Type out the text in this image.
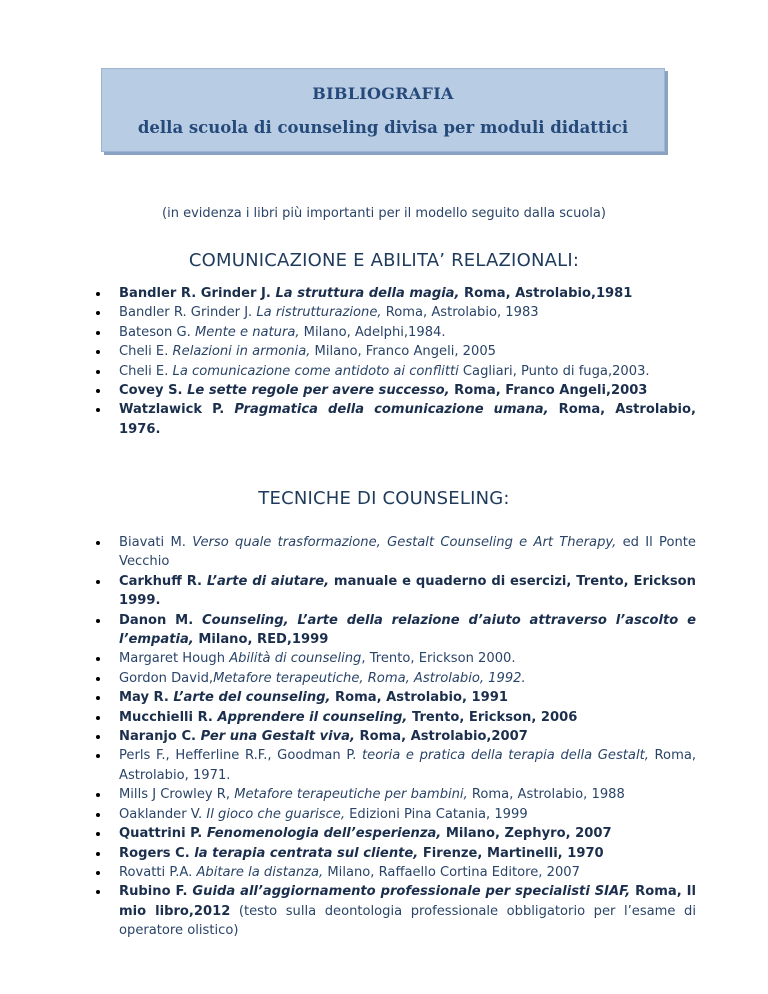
BIBLIOGRAFIA
della scuola di counseling divisa per moduli didattici
(in evidenza i libri più importanti per il modello seguito dalla scuola)
COMUNICAZIONE E ABILITA’ RELAZIONALI:
Bandler R. Grinder J. La struttura della magia, Roma, Astrolabio,1981
Bandler R. Grinder J. La ristrutturazione, Roma, Astrolabio, 1983
Bateson G. Mente e natura, Milano, Adelphi,1984.
Cheli E. Relazioni in armonia, Milano, Franco Angeli, 2005
Cheli E. La comunicazione come antidoto ai conflitti Cagliari, Punto di fuga,2003.
Covey S. Le sette regole per avere successo, Roma, Franco Angeli,2003
Watzlawick P. Pragmatica della comunicazione umana, Roma, Astrolabio, 1976.
TECNICHE DI COUNSELING:
Biavati M. Verso quale trasformazione, Gestalt Counseling e Art Therapy, ed Il Ponte Vecchio
Carkhuff R. L’arte di aiutare, manuale e quaderno di esercizi, Trento, Erickson 1999.
Danon M. Counseling, L’arte della relazione d’aiuto attraverso l’ascolto e l’empatia, Milano, RED,1999
Margaret Hough Abilità di counseling, Trento, Erickson 2000.
Gordon David,Metafore terapeutiche, Roma, Astrolabio, 1992.
May R. L’arte del counseling, Roma, Astrolabio, 1991
Mucchielli R. Apprendere il counseling, Trento, Erickson, 2006
Naranjo C. Per una Gestalt viva, Roma, Astrolabio,2007
Perls F., Hefferline R.F., Goodman P. teoria e pratica della terapia della Gestalt, Roma, Astrolabio, 1971.
Mills J Crowley R, Metafore terapeutiche per bambini, Roma, Astrolabio, 1988
Oaklander V. Il gioco che guarisce, Edizioni Pina Catania, 1999
Quattrini P. Fenomenologia dell’esperienza, Milano, Zephyro, 2007
Rogers C. la terapia centrata sul cliente, Firenze, Martinelli, 1970
Rovatti P.A. Abitare la distanza, Milano, Raffaello Cortina Editore, 2007
Rubino F. Guida all’aggiornamento professionale per specialisti SIAF, Roma, Il mio libro,2012 (testo sulla deontologia professionale obbligatorio per l’esame di operatore olistico)
